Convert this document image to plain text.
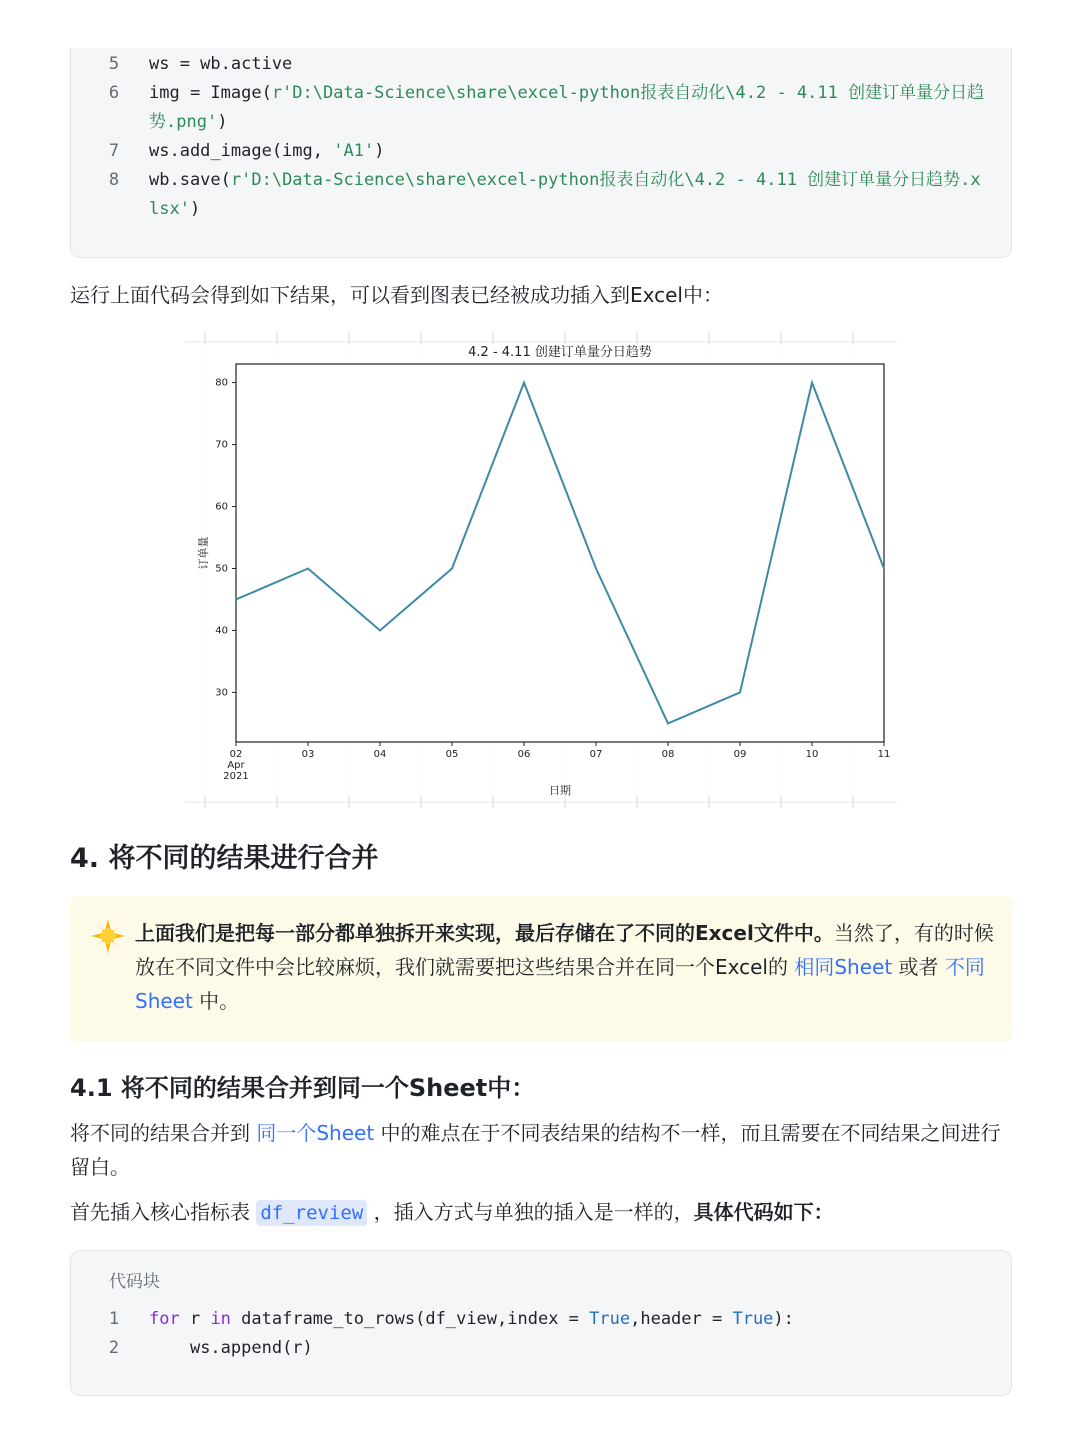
5	ws = wb.active
6	img = Image(r'D:\Data-Science\share\excel-python报表自动化\4.2 - 4.11 创建订单量分日趋势.png')
7	ws.add_image(img, 'A1')
8	wb.save(r'D:\Data-Science\share\excel-python报表自动化\4.2 - 4.11 创建订单量分日趋势.xlsx')
运行上面代码会得到如下结果，可以看到图表已经被成功插入到Excel中：
4.2 - 4.11 创建订单量分日趋势
30
40
50
60
70
80
02	03	04	05	06	07	08	09	10	11
Apr
2021
日期
订单量
4. 将不同的结果进行合并
上面我们是把每一部分都单独拆开来实现，最后存储在了不同的Excel文件中。当然了，有的时候放在不同文件中会比较麻烦，我们就需要把这些结果合并在同一个Excel的 相同Sheet 或者 不同Sheet 中。
4.1 将不同的结果合并到同一个Sheet中：
将不同的结果合并到 同一个Sheet 中的难点在于不同表结果的结构不一样，而且需要在不同结果之间进行留白。
首先插入核心指标表 df_review ，插入方式与单独的插入是一样的，具体代码如下：
代码块
1	for r in dataframe_to_rows(df_view,index = True,header = True):
2	ws.append(r)
